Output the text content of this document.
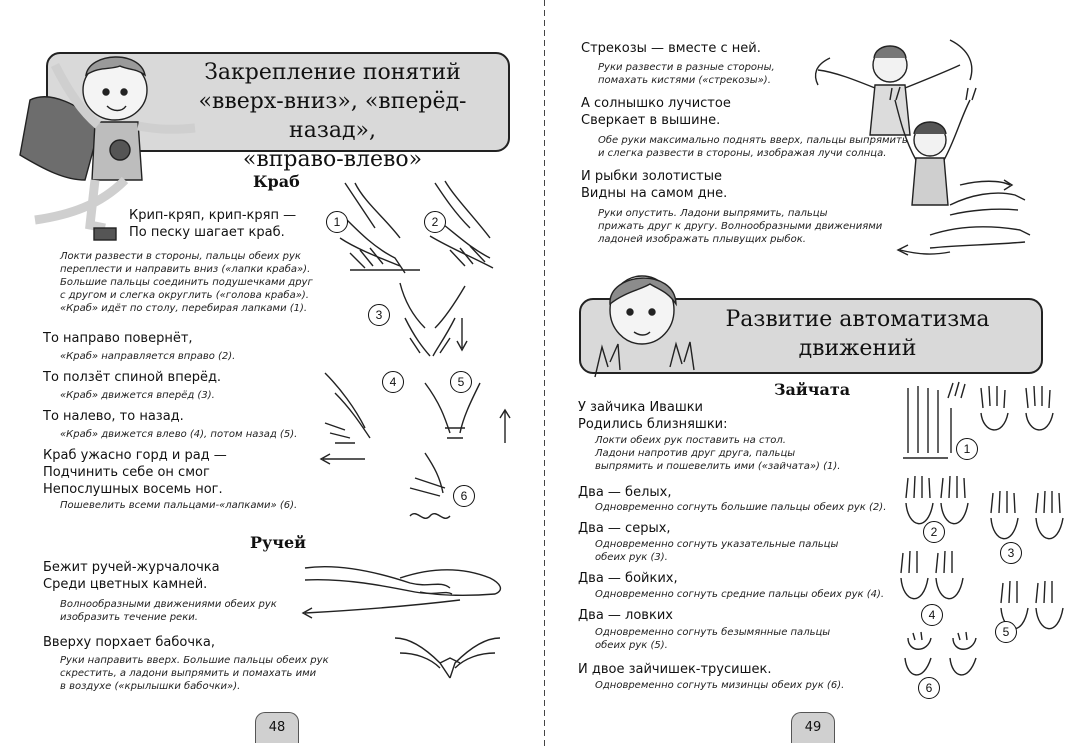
Закрепление понятий
«вверх-вниз», «вперёд-назад»,
«вправо-влево»
Краб
Крип-кряп, крип-кряп —
По песку шагает краб.
Локти развести в стороны, пальцы обеих рук
переплести и направить вниз («лапки краба»).
Большие пальцы соединить подушечками друг
с другом и слегка округлить («голова краба»).
«Краб» идёт по столу, перебирая лапками (1).
То направо повернёт,
«Краб» направляется вправо (2).
То ползёт спиной вперёд.
«Краб» движется вперёд (3).
То налево, то назад.
«Краб» движется влево (4), потом назад (5).
Краб ужасно горд и рад —
Подчинить себе он смог
Непослушных восемь ног.
Пошевелить всеми пальцами-«лапками» (6).
1	2
3
4	5
6
Ручей
Бежит ручей-журчалочка
Среди цветных камней.
Волнообразными движениями обеих рук
изобразить течение реки.
Вверху порхает бабочка,
Руки направить вверх. Большие пальцы обеих рук
скрестить, а ладони выпрямить и помахать ими
в воздухе («крылышки бабочки»).
48
Стрекозы — вместе с ней.
Руки развести в разные стороны,
помахать кистями («стрекозы»).
А солнышко лучистое
Сверкает в вышине.
Обе руки максимально поднять вверх, пальцы выпрямить
и слегка развести в стороны, изображая лучи солнца.
И рыбки золотистые
Видны на самом дне.
Руки опустить. Ладони выпрямить, пальцы
прижать друг к другу. Волнообразными движениями
ладоней изображать плывущих рыбок.
Развитие автоматизма
движений
Зайчата
У зайчика Ивашки
Родились близняшки:
Локти обеих рук поставить на стол.
Ладони напротив друг друга, пальцы
выпрямить и пошевелить ими («зайчата») (1).
Два — белых,
Одновременно согнуть большие пальцы обеих рук (2).
Два — серых,
Одновременно согнуть указательные пальцы
обеих рук (3).
Два — бойких,
Одновременно согнуть средние пальцы обеих рук (4).
Два — ловких
Одновременно согнуть безымянные пальцы
обеих рук (5).
И двое зайчишек-трусишек.
Одновременно согнуть мизинцы обеих рук (6).
1
2
3
4
5
6
49
